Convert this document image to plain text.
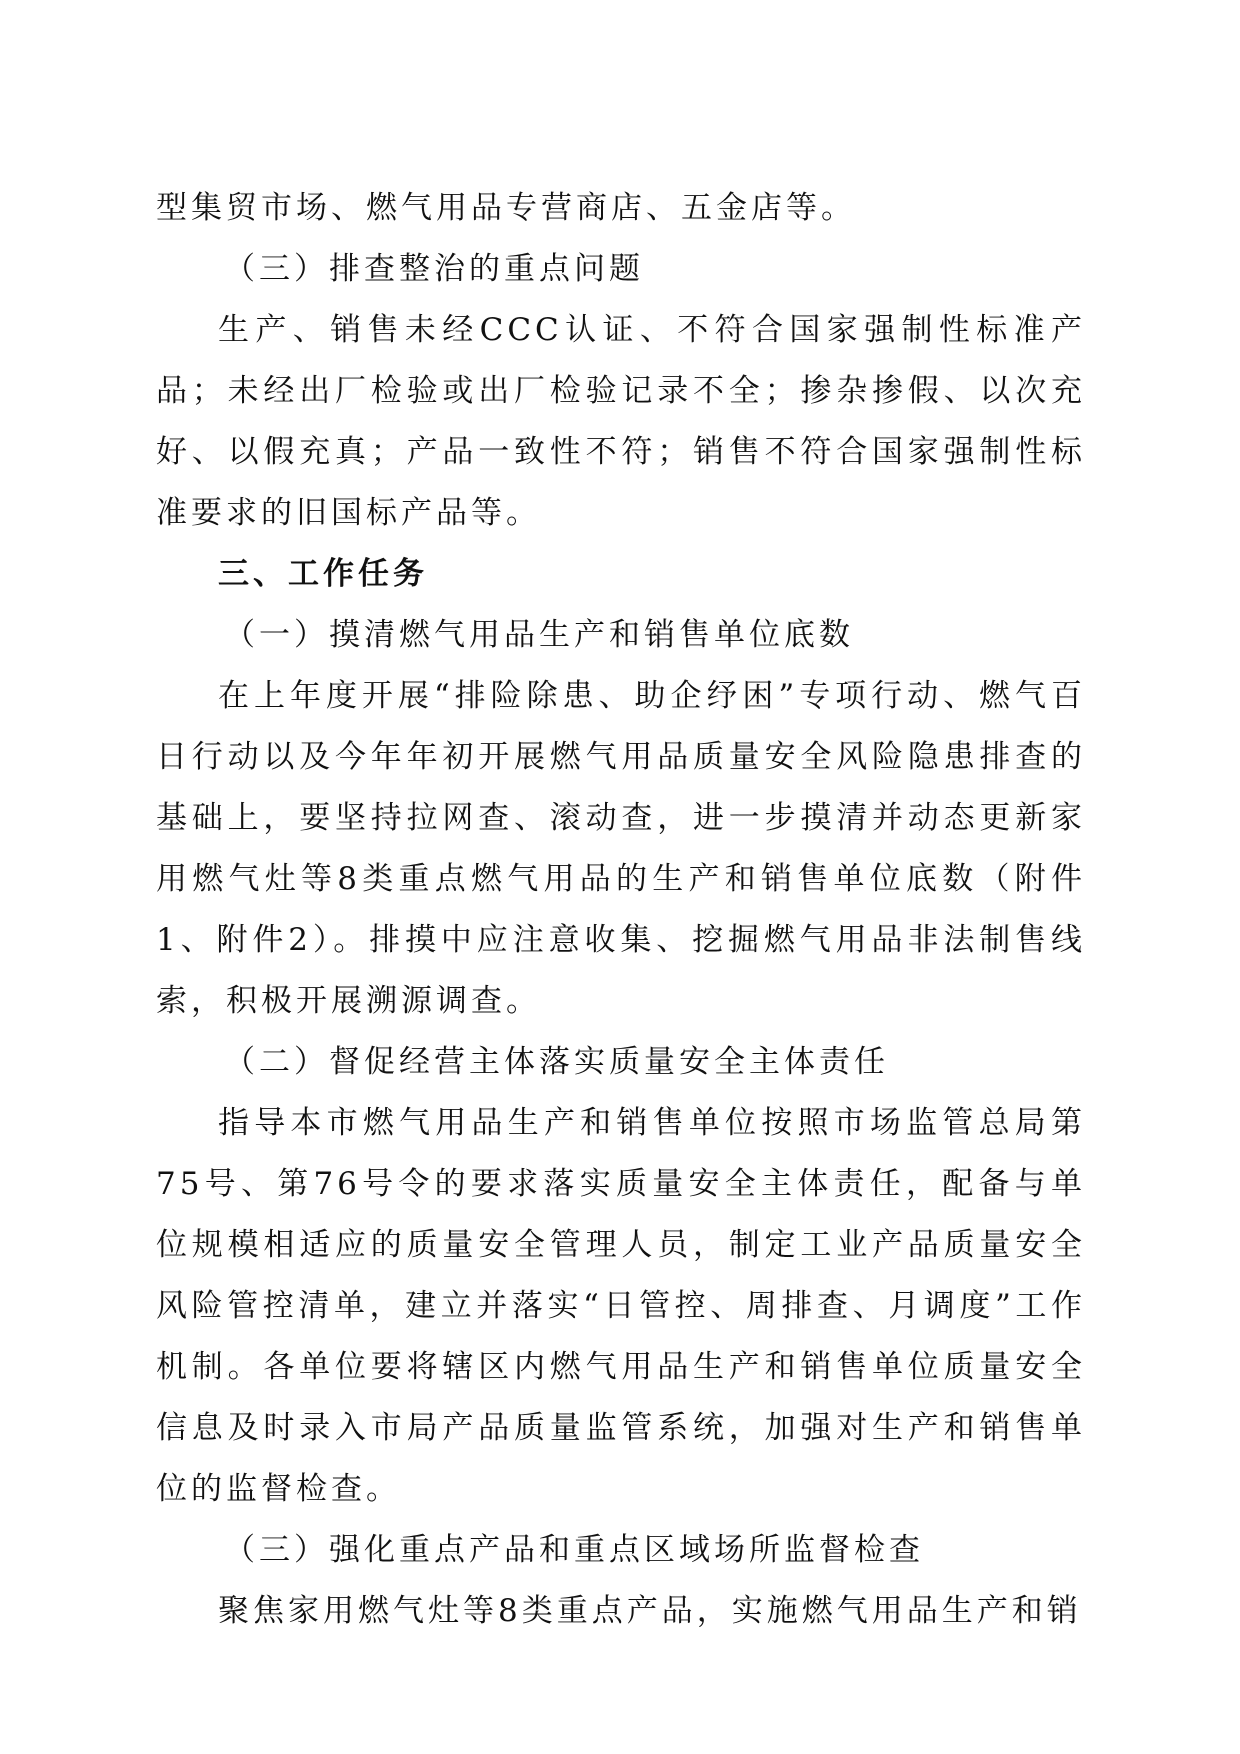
型集贸市场、燃气用品专营商店、五金店等。

（三）排查整治的重点问题

生产、销售未经CCC认证、不符合国家强制性标准产品；未经出厂检验或出厂检验记录不全；掺杂掺假、以次充好、以假充真；产品一致性不符；销售不符合国家强制性标准要求的旧国标产品等。

三、工作任务

（一）摸清燃气用品生产和销售单位底数

在上年度开展“排险除患、助企纾困”专项行动、燃气百日行动以及今年年初开展燃气用品质量安全风险隐患排查的基础上，要坚持拉网查、滚动查，进一步摸清并动态更新家用燃气灶等8类重点燃气用品的生产和销售单位底数（附件1、附件2）。排摸中应注意收集、挖掘燃气用品非法制售线索，积极开展溯源调查。

（二）督促经营主体落实质量安全主体责任

指导本市燃气用品生产和销售单位按照市场监管总局第75号、第76号令的要求落实质量安全主体责任，配备与单位规模相适应的质量安全管理人员，制定工业产品质量安全风险管控清单，建立并落实“日管控、周排查、月调度”工作机制。各单位要将辖区内燃气用品生产和销售单位质量安全信息及时录入市局产品质量监管系统，加强对生产和销售单位的监督检查。

（三）强化重点产品和重点区域场所监督检查

聚焦家用燃气灶等8类重点产品，实施燃气用品生产和销
